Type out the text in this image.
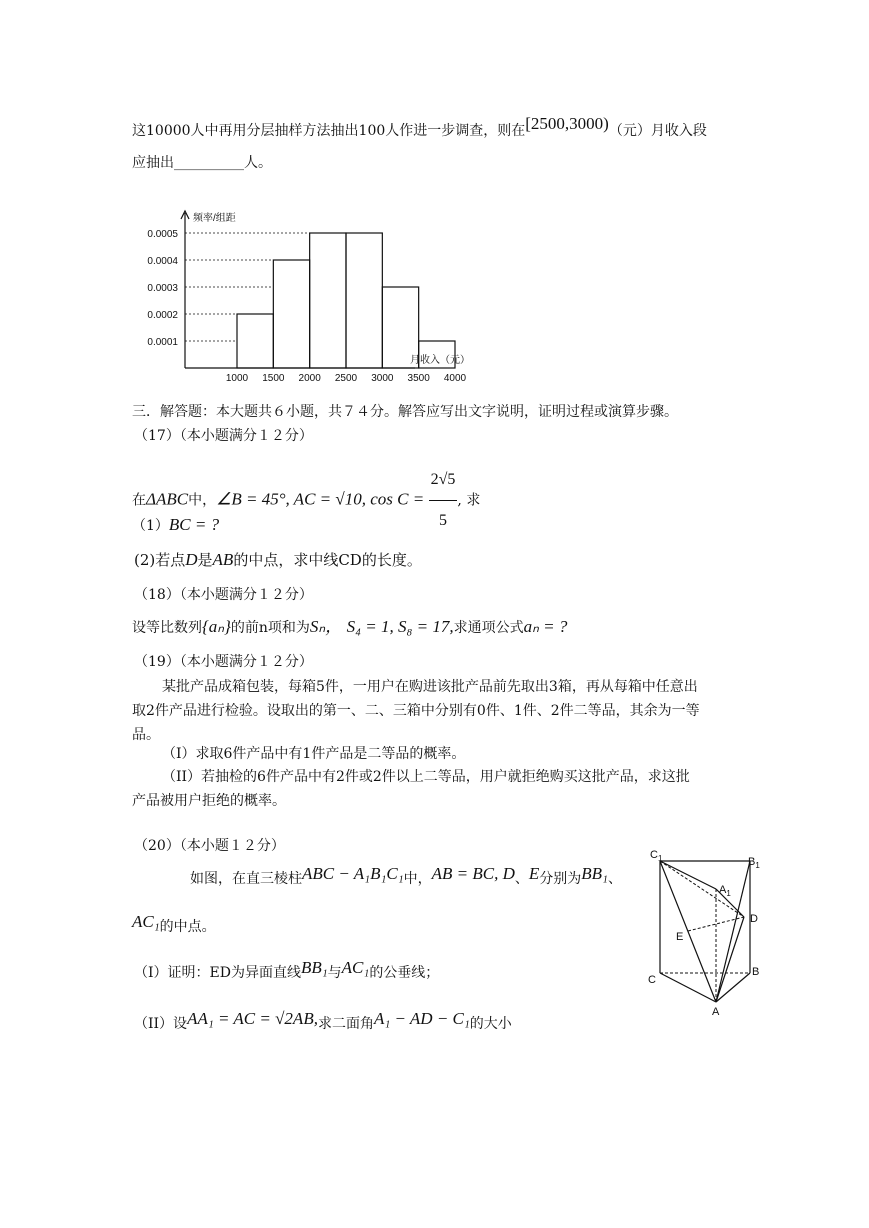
这10000人中再用分层抽样方法抽出100人作进一步调查，则在[2500,3000)（元）月收入段
应抽出__________人。
频率/组距
月收入（元）
0.0005
0.0004
0.0003
0.0002
0.0001
1000 1500 2000 2500 3000 3500 4000
三．解答题：本大题共６小题，共７４分。解答应写出文字说明，证明过程或演算步骤。
（17）（本小题满分１２分）
在ΔABC中，∠B = 45°, AC = √10, $\cos C = \frac{2√5}{5}$ , 求
（1）BC = ?
(2)若点D是AB的中点，求中线CD的长度。
（18）（本小题满分１２分）
设等比数列{aₙ}的前n项和为Sₙ， S₄ = 1, S₈ = 17,求通项公式aₙ = ?
（19）（本小题满分１２分）
某批产品成箱包装，每箱5件，一用户在购进该批产品前先取出3箱，再从每箱中任意出
取2件产品进行检验。设取出的第一、二、三箱中分别有0件、1件、2件二等品，其余为一等
品。
（I）求取6件产品中有1件产品是二等品的概率。
（II）若抽检的6件产品中有2件或2件以上二等品，用户就拒绝购买这批产品，求这批
产品被用户拒绝的概率。
（20）（本小题１２分）
如图，在直三棱柱ABC − A₁B₁C₁中，AB = BC, D、E分别为BB₁、
AC₁的中点。
（I）证明：ED为异面直线BB₁与AC₁的公垂线；
（II）设AA₁ = AC = √2AB,求二面角A₁ − AD − C₁的大小
$C_1$	$B_1$
$A_1$
D
E
C
B
A
